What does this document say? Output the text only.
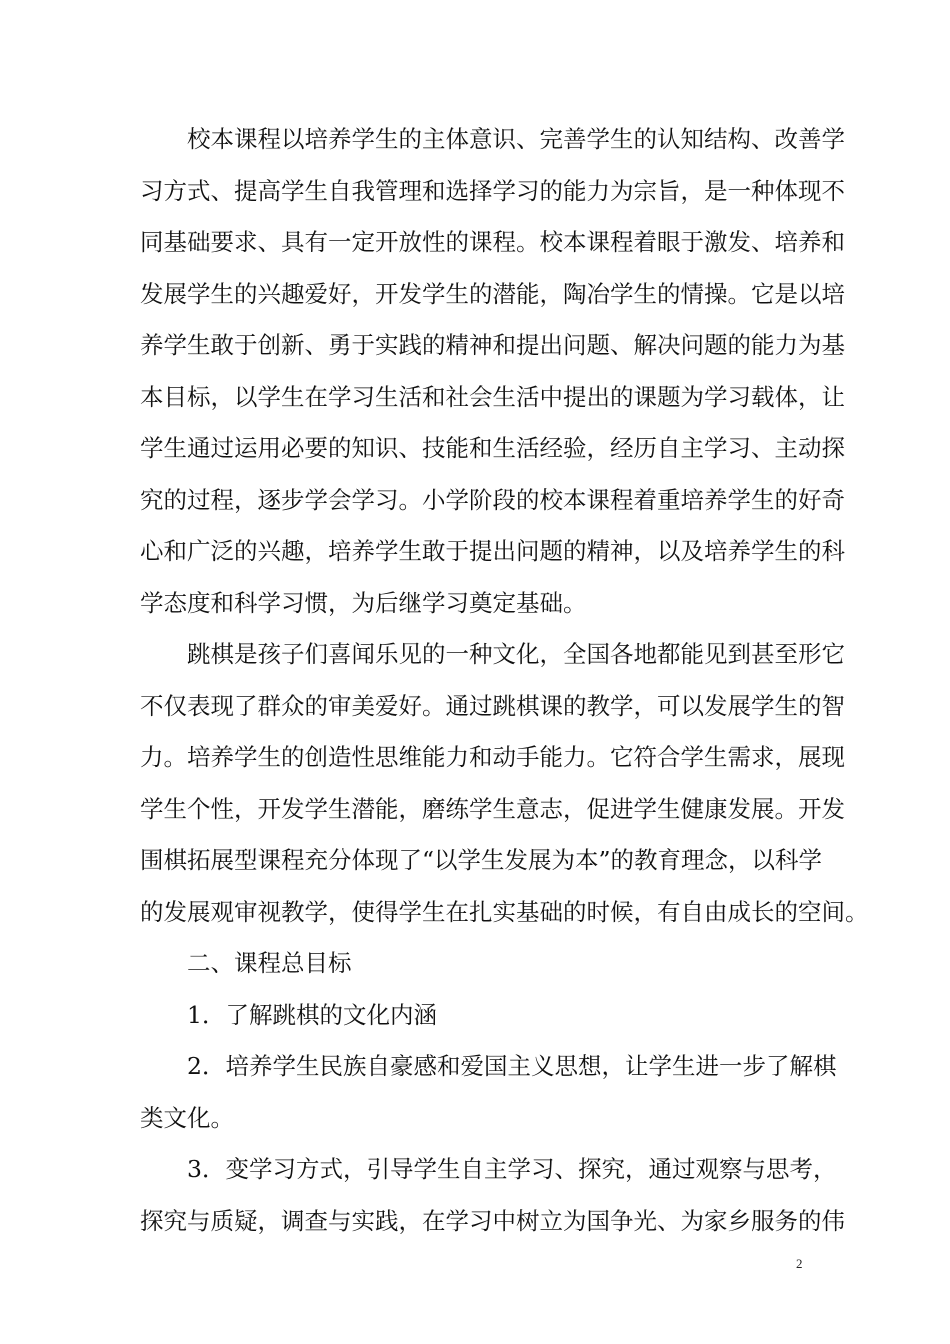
校本课程以培养学生的主体意识、完善学生的认知结构、改善学
习方式、提高学生自我管理和选择学习的能力为宗旨，是一种体现不
同基础要求、具有一定开放性的课程。校本课程着眼于激发、培养和
发展学生的兴趣爱好，开发学生的潜能，陶冶学生的情操。它是以培
养学生敢于创新、勇于实践的精神和提出问题、解决问题的能力为基
本目标，以学生在学习生活和社会生活中提出的课题为学习载体，让
学生通过运用必要的知识、技能和生活经验，经历自主学习、主动探
究的过程，逐步学会学习。小学阶段的校本课程着重培养学生的好奇
心和广泛的兴趣，培养学生敢于提出问题的精神，以及培养学生的科
学态度和科学习惯，为后继学习奠定基础。
跳棋是孩子们喜闻乐见的一种文化，全国各地都能见到甚至形它
不仅表现了群众的审美爱好。通过跳棋课的教学，可以发展学生的智
力。培养学生的创造性思维能力和动手能力。它符合学生需求，展现
学生个性，开发学生潜能，磨练学生意志，促进学生健康发展。开发
围棋拓展型课程充分体现了“以学生发展为本”的教育理念，以科学
的发展观审视教学，使得学生在扎实基础的时候，有自由成长的空间。
二、课程总目标
1．了解跳棋的文化内涵
2．培养学生民族自豪感和爱国主义思想，让学生进一步了解棋
类文化。
2
3．变学习方式，引导学生自主学习、探究，通过观察与思考，
探究与质疑，调查与实践，在学习中树立为国争光、为家乡服务的伟
